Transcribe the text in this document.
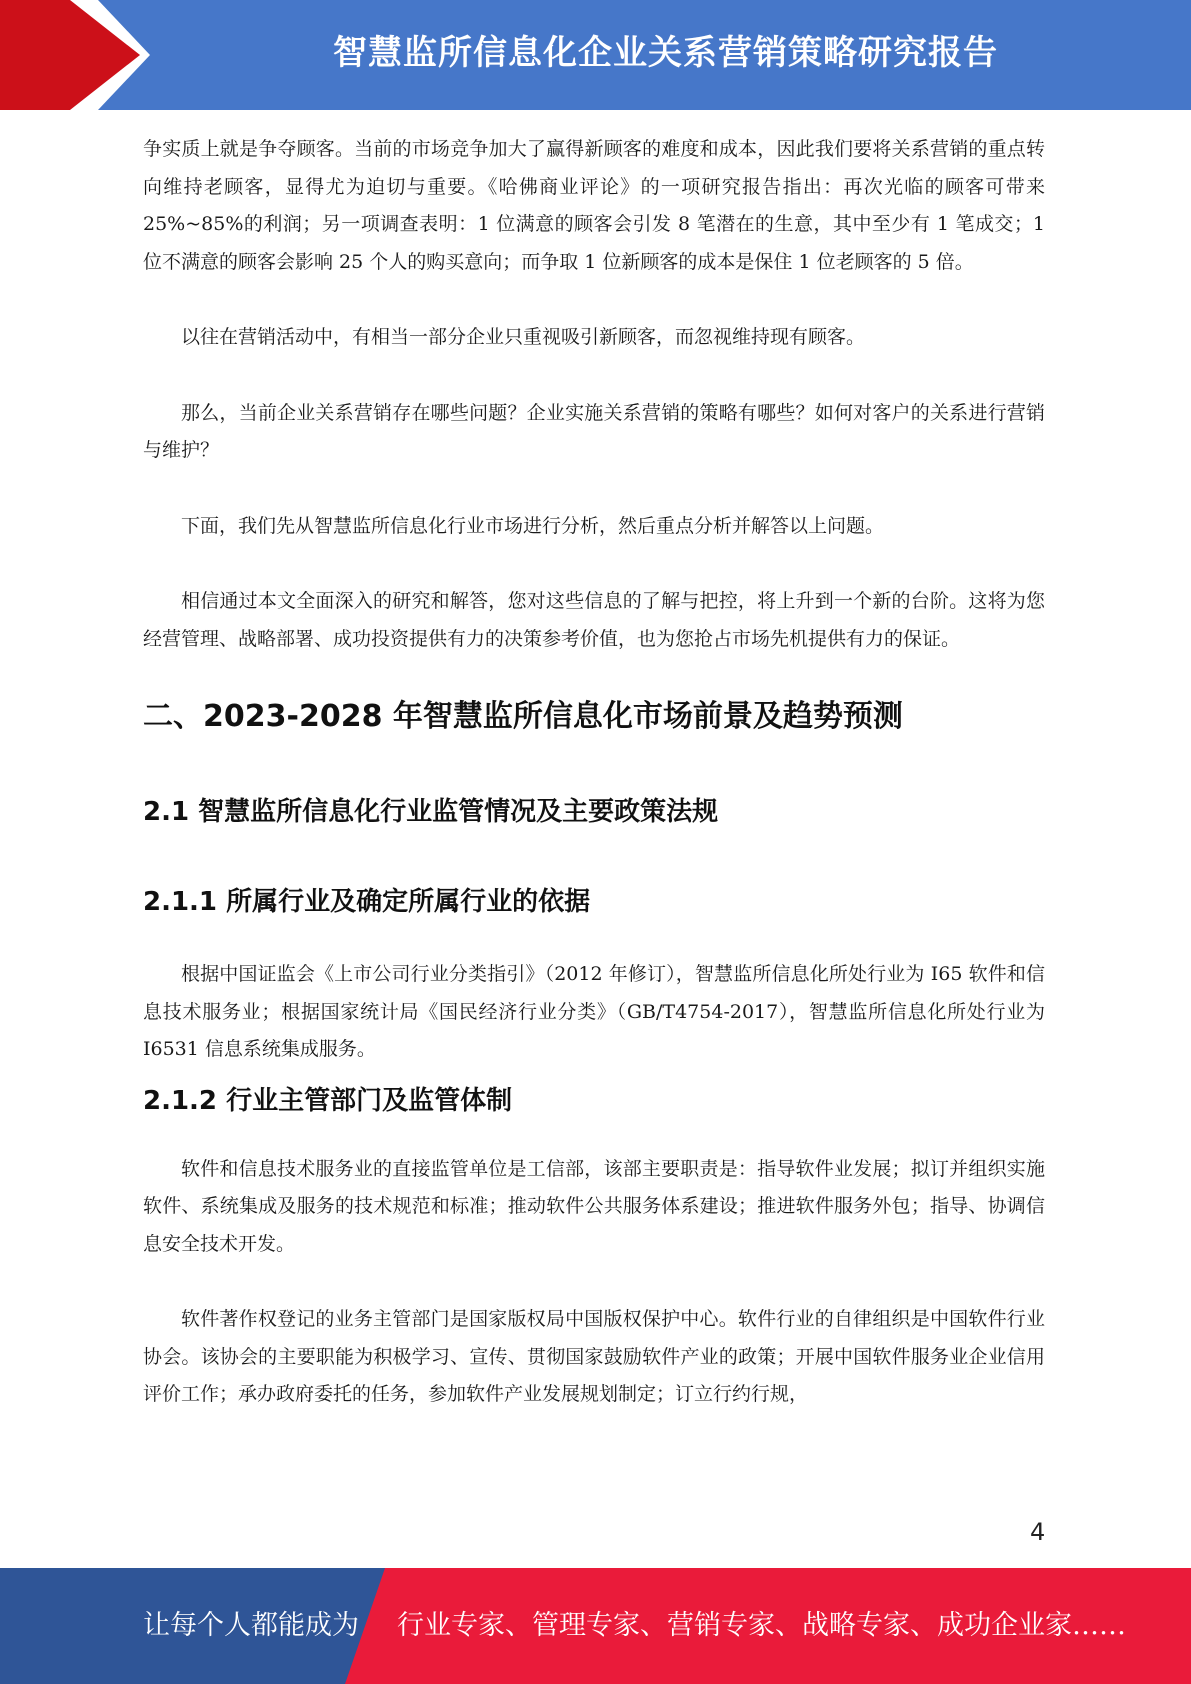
智慧监所信息化企业关系营销策略研究报告

争实质上就是争夺顾客。当前的市场竞争加大了赢得新顾客的难度和成本，因此我们要将关系营销的重点转向维持老顾客，显得尤为迫切与重要。《哈佛商业评论》的一项研究报告指出：再次光临的顾客可带来 25%~85%的利润；另一项调查表明：1 位满意的顾客会引发 8 笔潜在的生意，其中至少有 1 笔成交；1 位不满意的顾客会影响 25 个人的购买意向；而争取 1 位新顾客的成本是保住 1 位老顾客的 5 倍。

以往在营销活动中，有相当一部分企业只重视吸引新顾客，而忽视维持现有顾客。

那么，当前企业关系营销存在哪些问题？企业实施关系营销的策略有哪些？如何对客户的关系进行营销与维护？

下面，我们先从智慧监所信息化行业市场进行分析，然后重点分析并解答以上问题。

相信通过本文全面深入的研究和解答，您对这些信息的了解与把控，将上升到一个新的台阶。这将为您经营管理、战略部署、成功投资提供有力的决策参考价值，也为您抢占市场先机提供有力的保证。

二、2023-2028 年智慧监所信息化市场前景及趋势预测
2.1 智慧监所信息化行业监管情况及主要政策法规
2.1.1 所属行业及确定所属行业的依据

根据中国证监会《上市公司行业分类指引》（2012 年修订），智慧监所信息化所处行业为 I65 软件和信息技术服务业；根据国家统计局《国民经济行业分类》（GB/T4754-2017），智慧监所信息化所处行业为 I6531 信息系统集成服务。

2.1.2 行业主管部门及监管体制

软件和信息技术服务业的直接监管单位是工信部，该部主要职责是：指导软件业发展；拟订并组织实施软件、系统集成及服务的技术规范和标准；推动软件公共服务体系建设；推进软件服务外包；指导、协调信息安全技术开发。

软件著作权登记的业务主管部门是国家版权局中国版权保护中心。软件行业的自律组织是中国软件行业协会。该协会的主要职能为积极学习、宣传、贯彻国家鼓励软件产业的政策；开展中国软件服务业企业信用评价工作；承办政府委托的任务，参加软件产业发展规划制定；订立行约行规，

4
让每个人都能成为 行业专家、管理专家、营销专家、战略专家、成功企业家……
